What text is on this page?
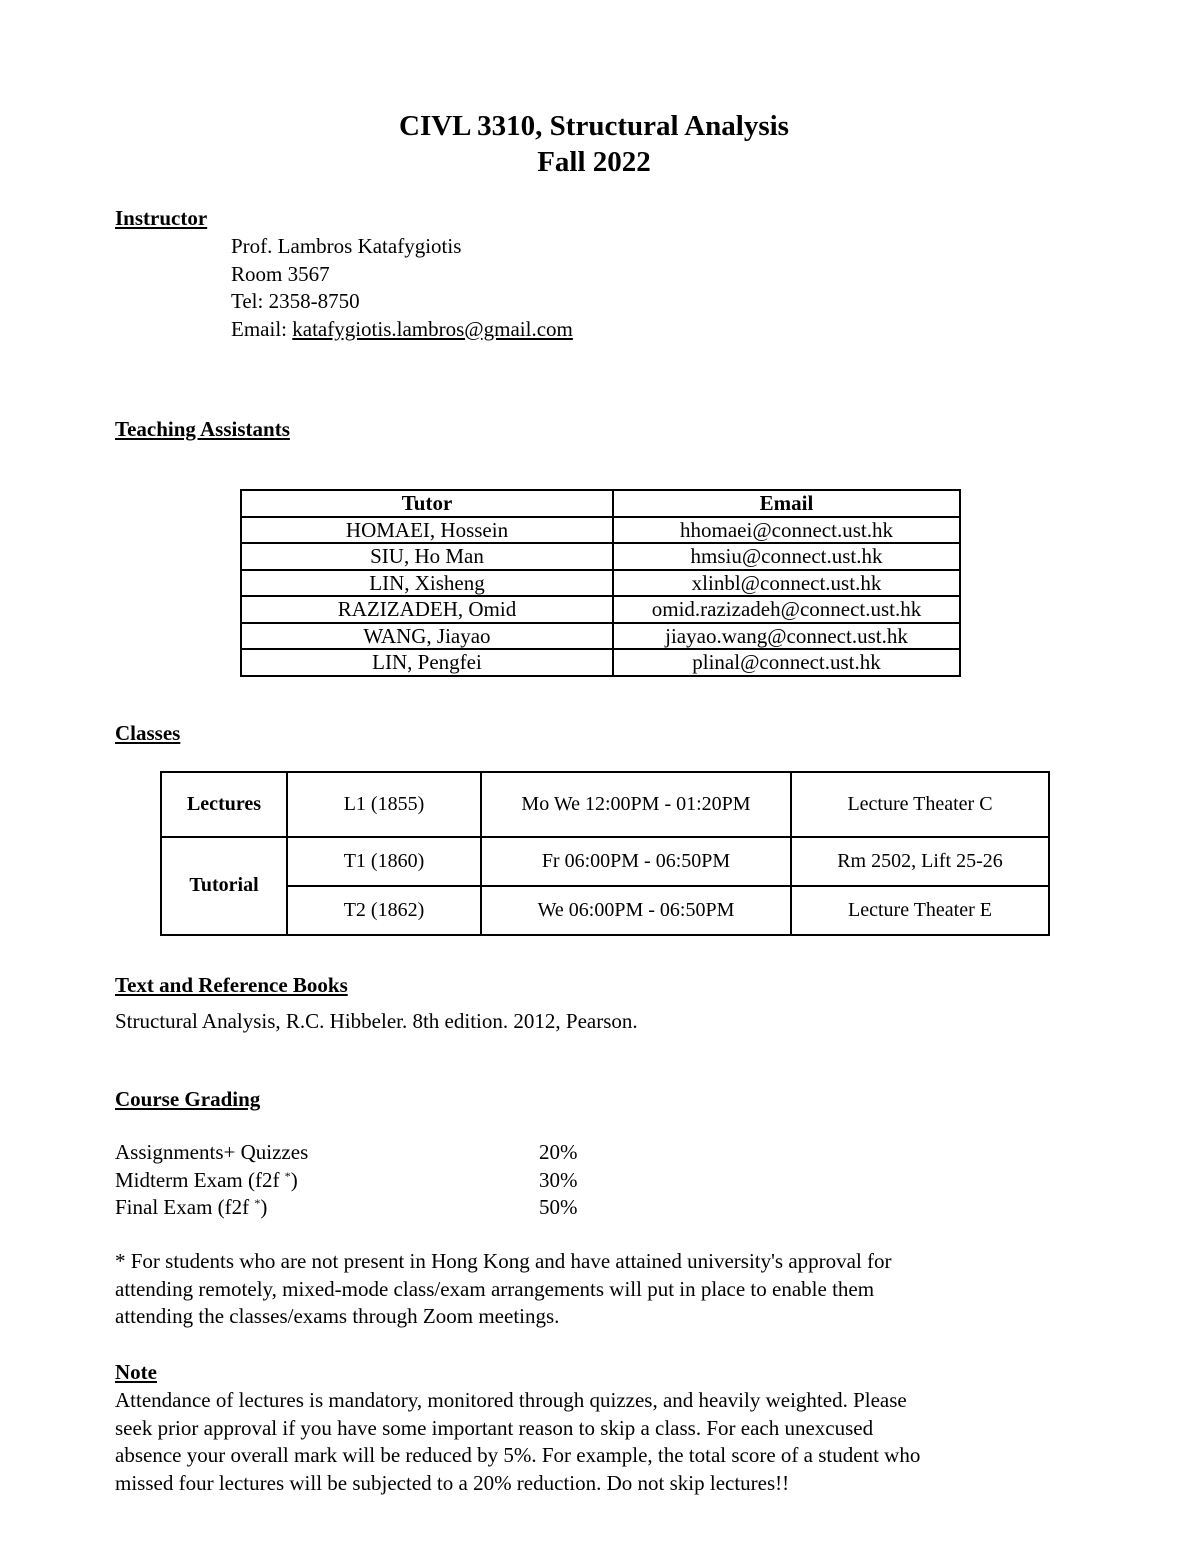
CIVL 3310, Structural Analysis
Fall 2022
Instructor
Prof. Lambros Katafygiotis
Room 3567
Tel: 2358-8750
Email: katafygiotis.lambros@gmail.com
Teaching Assistants
Tutor	Email
HOMAEI, Hossein	hhomaei@connect.ust.hk
SIU, Ho Man	hmsiu@connect.ust.hk
LIN, Xisheng	xlinbl@connect.ust.hk
RAZIZADEH, Omid	omid.razizadeh@connect.ust.hk
WANG, Jiayao	jiayao.wang@connect.ust.hk
LIN, Pengfei	plinal@connect.ust.hk
Classes
Lectures	L1 (1855)	Mo We 12:00PM - 01:20PM	Lecture Theater C
Tutorial	T1 (1860)	Fr 06:00PM - 06:50PM	Rm 2502, Lift 25-26
	T2 (1862)	We 06:00PM - 06:50PM	Lecture Theater E
Text and Reference Books
Structural Analysis, R.C. Hibbeler. 8th edition. 2012, Pearson.
Course Grading
Assignments+ Quizzes	20%
Midterm Exam (f2f *)	30%
Final Exam (f2f *)	50%
* For students who are not present in Hong Kong and have attained university's approval for
attending remotely, mixed-mode class/exam arrangements will put in place to enable them
attending the classes/exams through Zoom meetings.
Note
Attendance of lectures is mandatory, monitored through quizzes, and heavily weighted. Please
seek prior approval if you have some important reason to skip a class. For each unexcused
absence your overall mark will be reduced by 5%. For example, the total score of a student who
missed four lectures will be subjected to a 20% reduction. Do not skip lectures!!
